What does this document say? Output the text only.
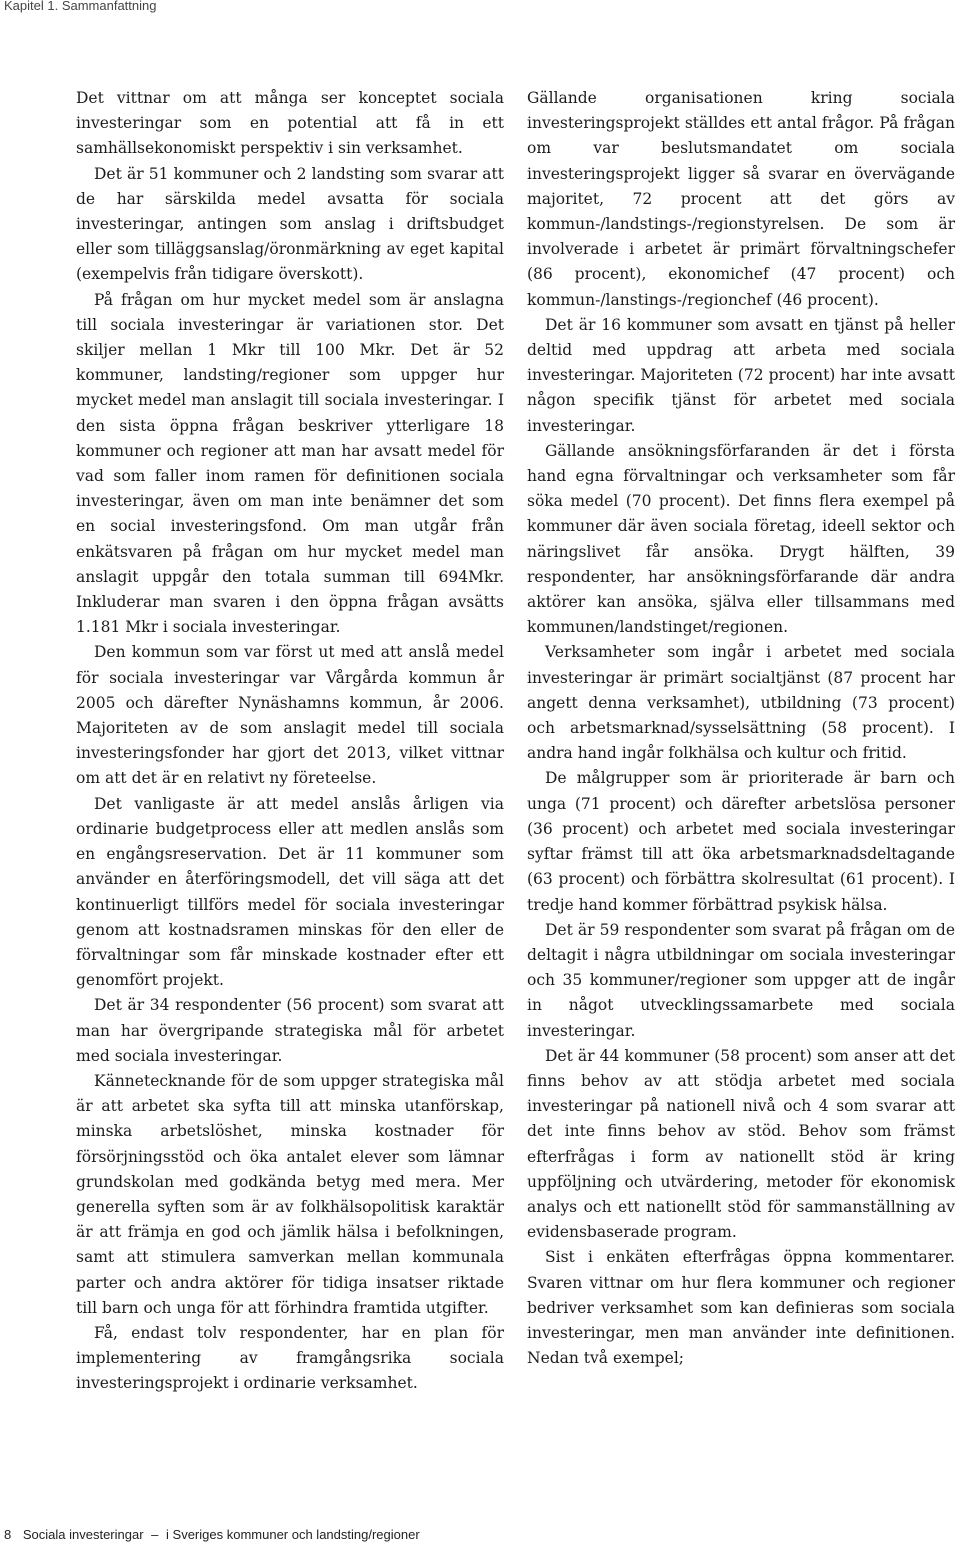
Kapitel 1. Sammanfattning

Det vittnar om att många ser konceptet sociala investeringar som en potential att få in ett samhällsekonomiskt perspektiv i sin verksamhet.

Det är 51 kommuner och 2 landsting som svarar att de har särskilda medel avsatta för sociala investeringar, antingen som anslag i driftsbudget eller som tilläggsanslag/öronmärkning av eget kapital (exempelvis från tidigare överskott).

På frågan om hur mycket medel som är anslagna till sociala investeringar är variationen stor. Det skiljer mellan 1 Mkr till 100 Mkr. Det är 52 kommuner, landsting/regioner som uppger hur mycket medel man anslagit till sociala investeringar. I den sista öppna frågan beskriver ytterligare 18 kommuner och regioner att man har avsatt medel för vad som faller inom ramen för definitionen sociala investeringar, även om man inte benämner det som en social investeringsfond. Om man utgår från enkätsvaren på frågan om hur mycket medel man anslagit uppgår den totala summan till 694Mkr. Inkluderar man svaren i den öppna frågan avsätts 1.181 Mkr i sociala investeringar.

Den kommun som var först ut med att anslå medel för sociala investeringar var Vårgårda kommun år 2005 och därefter Nynäshamns kommun, år 2006. Majoriteten av de som anslagit medel till sociala investeringsfonder har gjort det 2013, vilket vittnar om att det är en relativt ny företeelse.

Det vanligaste är att medel anslås årligen via ordinarie budgetprocess eller att medlen anslås som en engångsreservation. Det är 11 kommuner som använder en återföringsmodell, det vill säga att det kontinuerligt tillförs medel för sociala investeringar genom att kostnadsramen minskas för den eller de förvaltningar som får minskade kostnader efter ett genomfört projekt.

Det är 34 respondenter (56 procent) som svarat att man har övergripande strategiska mål för arbetet med sociala investeringar.

Kännetecknande för de som uppger strategiska mål är att arbetet ska syfta till att minska utanförskap, minska arbetslöshet, minska kostnader för försörjningsstöd och öka antalet elever som lämnar grundskolan med godkända betyg med mera. Mer generella syften som är av folkhälsopolitisk karaktär är att främja en god och jämlik hälsa i befolkningen, samt att stimulera samverkan mellan kommunala parter och andra aktörer för tidiga insatser riktade till barn och unga för att förhindra framtida utgifter.

Få, endast tolv respondenter, har en plan för implementering av framgångsrika sociala investeringsprojekt i ordinarie verksamhet.

Gällande organisationen kring sociala investeringsprojekt ställdes ett antal frågor. På frågan om var beslutsmandatet om sociala investeringsprojekt ligger så svarar en övervägande majoritet, 72 procent att det görs av kommun-/landstings-/regionstyrelsen. De som är involverade i arbetet är primärt förvaltningschefer (86 procent), ekonomichef (47 procent) och kommun-/lanstings-/regionchef (46 procent).

Det är 16 kommuner som avsatt en tjänst på heller deltid med uppdrag att arbeta med sociala investeringar. Majoriteten (72 procent) har inte avsatt någon specifik tjänst för arbetet med sociala investeringar.

Gällande ansökningsförfaranden är det i första hand egna förvaltningar och verksamheter som får söka medel (70 procent). Det finns flera exempel på kommuner där även sociala företag, ideell sektor och näringslivet får ansöka. Drygt hälften, 39 respondenter, har ansökningsförfarande där andra aktörer kan ansöka, själva eller tillsammans med kommunen/landstinget/regionen.

Verksamheter som ingår i arbetet med sociala investeringar är primärt socialtjänst (87 procent har angett denna verksamhet), utbildning (73 procent) och arbetsmarknad/sysselsättning (58 procent). I andra hand ingår folkhälsa och kultur och fritid.

De målgrupper som är prioriterade är barn och unga (71 procent) och därefter arbetslösa personer (36 procent) och arbetet med sociala investeringar syftar främst till att öka arbetsmarknadsdeltagande (63 procent) och förbättra skolresultat (61 procent). I tredje hand kommer förbättrad psykisk hälsa.

Det är 59 respondenter som svarat på frågan om de deltagit i några utbildningar om sociala investeringar och 35 kommuner/regioner som uppger att de ingår in något utvecklingssamarbete med sociala investeringar.

Det är 44 kommuner (58 procent) som anser att det finns behov av att stödja arbetet med sociala investeringar på nationell nivå och 4 som svarar att det inte finns behov av stöd. Behov som främst efterfrågas i form av nationellt stöd är kring uppföljning och utvärdering, metoder för ekonomisk analys och ett nationellt stöd för sammanställning av evidensbaserade program.

Sist i enkäten efterfrågas öppna kommentarer. Svaren vittnar om hur flera kommuner och regioner bedriver verksamhet som kan definieras som sociala investeringar, men man använder inte definitionen. Nedan två exempel;

8 Sociala investeringar – i Sveriges kommuner och landsting/regioner
